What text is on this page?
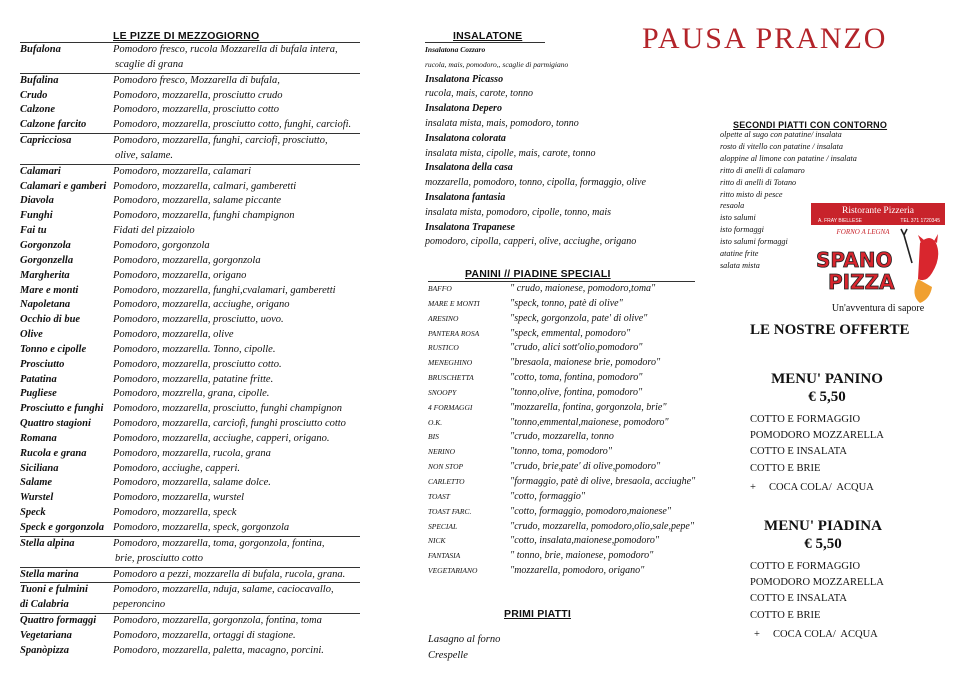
LE PIZZE DI MEZZOGIORNO
Bufalona	Pomodoro fresco, rucola Mozzarella di bufala intera,
scaglie di grana
Bufalina	Pomodoro fresco, Mozzarella di bufala,
Crudo	Pomodoro, mozzarella, prosciutto crudo
Calzone	Pomodoro, mozzarella, prosciutto cotto
Calzone farcito	Pomodoro, mozzarella, prosciutto cotto, funghi, carciofi.
Capricciosa	Pomodoro, mozzarella, funghi, carciofi, prosciutto,
olive, salame.
Calamari	Pomodoro, mozzarella, calamari
Calamari e gamberi Pomodoro, mozzarella, calmari, gamberetti
Diavola	Pomodoro, mozzarella, salame piccante
Funghi	Pomodoro, mozzarella, funghi champignon
Fai tu	Fidati del pizzaiolo
Gorgonzola	Pomodoro, gorgonzola
Gorgonzella	Pomodoro, mozzarella, gorgonzola
Margherita	Pomodoro, mozzarella, origano
Mare e monti	Pomodoro, mozzarella, funghi,cvalamari, gamberetti
Napoletana	Pomodoro, mozzarella, acciughe, origano
Occhio di bue	Pomodoro, mozzarella, prosciutto, uovo.
Olive	Pomodoro, mozzarella, olive
Tonno e cipolle	Pomodoro, mozzarella. Tonno, cipolle.
Prosciutto	Pomodoro, mozzarella, prosciutto cotto.
Patatina	Pomodoro, mozzarella, patatine fritte.
Pugliese	Pomodoro, mozzrella, grana, cipolle.
Prosciutto e funghi Pomodoro, mozzarella, prosciutto, funghi champignon
Quattro stagioni	Pomodoro, mozzarella, carciofi, funghi prosciutto cotto
Romana	Pomodoro, mozzarella, acciughe, capperi, origano.
Rucola e grana	Pomodoro, mozzarella, rucola, grana
Siciliana	Pomodoro, acciughe, capperi.
Salame	Pomodoro, mozzarella, salame dolce.
Wurstel	Pomodoro, mozzarella, wurstel
Speck	Pomodoro, mozzarella, speck
Speck e gorgonzola Pomodoro, mozzarella, speck, gorgonzola
Stella alpina	Pomodoro, mozzarella, toma, gorgonzola, fontina,
brie, prosciutto cotto
Stella marina	Pomodoro a pezzi, mozzarella di bufala, rucola, grana.
Tuoni e fulmini	Pomodoro, mozzarella, nduja, salame, caciocavallo,
di Calabria	peperoncino
Quattro formaggi	Pomodoro, mozzarella, gorgonzola, fontina, toma
Vegetariana	Pomodoro, mozzarella, ortaggi di stagione.
Spanòpizza	Pomodoro, mozzarella, paletta, macagno, porcini.
INSALATONE
Insalatona Cozzaro
rucola, mais, pomodoro,, scaglie di parmigiano
Insalatona Picasso
rucola, mais, carote, tonno
Insalatona Depero
insalata mista, mais, pomodoro, tonno
Insalatona colorata
insalata mista, cipolle, mais, carote, tonno
Insalatona della casa
mozzarella, pomodoro, tonno, cipolla, formaggio, olive
Insalatona fantasia
insalata mista, pomodoro, cipolle, tonno, mais
Insalatona Trapanese
pomodoro, cipolla, capperi, olive, acciughe, origano
PANINI // PIADINE SPECIALI
BAFFO	" crudo, maionese, pomodoro,toma"
MARE E MONTI	"speck, tonno, patè di olive"
ARESINO	"speck, gorgonzola, pate' di olive"
PANTERA ROSA	"speck, emmental, pomodoro"
RUSTICO	"crudo, alici sott'olio,pomodoro"
MENEGHINO	"bresaola, maionese brie, pomodoro"
BRUSCHETTA	"cotto, toma, fontina, pomodoro"
SNOOPY	"tonno,olive, fontina, pomodoro"
4 FORMAGGI	"mozzarella, fontina, gorgonzola, brie"
O.K.	"tonno,emmental,maionese, pomodoro"
BIS	"crudo, mozzarella, tonno
NERINO	"tonno, toma, pomodoro"
NON STOP	"crudo, brie,pate' di olive,pomodoro"
CARLETTO	"formaggio, patè di olive, bresaola, acciughe"
TOAST	"cotto, formaggio"
TOAST FARC.	"cotto, formaggio, pomodoro,maionese"
SPECIAL	"crudo, mozzarella, pomodoro,olio,sale,pepe"
NICK	"cotto, insalata,maionese,pomodoro"
FANTASIA	" tonno, brie, maionese, pomodoro"
VEGETARIANO	"mozzarella, pomodoro, origano"
PRIMI PIATTI
Lasagno al forno
Crespelle
PAUSA PRANZO
SECONDI PIATTI CON CONTORNO
olpette al sugo con patatine/ insalata
rosto di vitello con patatine / insalata
aloppine al limone con patatine / insalata
ritto di anelli di calamaro
ritto di anelli di Totano
ritto misto di pesce
resaola
isto salumi
isto formaggi
isto salumi formaggi
atatine frite
salata mista
Ristorante Pizzeria
A. FRAY BIELLESE	TEL 371 1720345
FORNO A LEGNA
SPANO
PIZZA
Un'avventura di sapore
LE NOSTRE OFFERTE
MENU' PANINO
€ 5,50
COTTO E FORMAGGIO
POMODORO MOZZARELLA
COTTO E INSALATA
COTTO E BRIE
+     COCA COLA/  ACQUA
MENU' PIADINA
€ 5,50
COTTO E FORMAGGIO
POMODORO MOZZARELLA
COTTO E INSALATA
COTTO E BRIE
+     COCA COLA/  ACQUA
